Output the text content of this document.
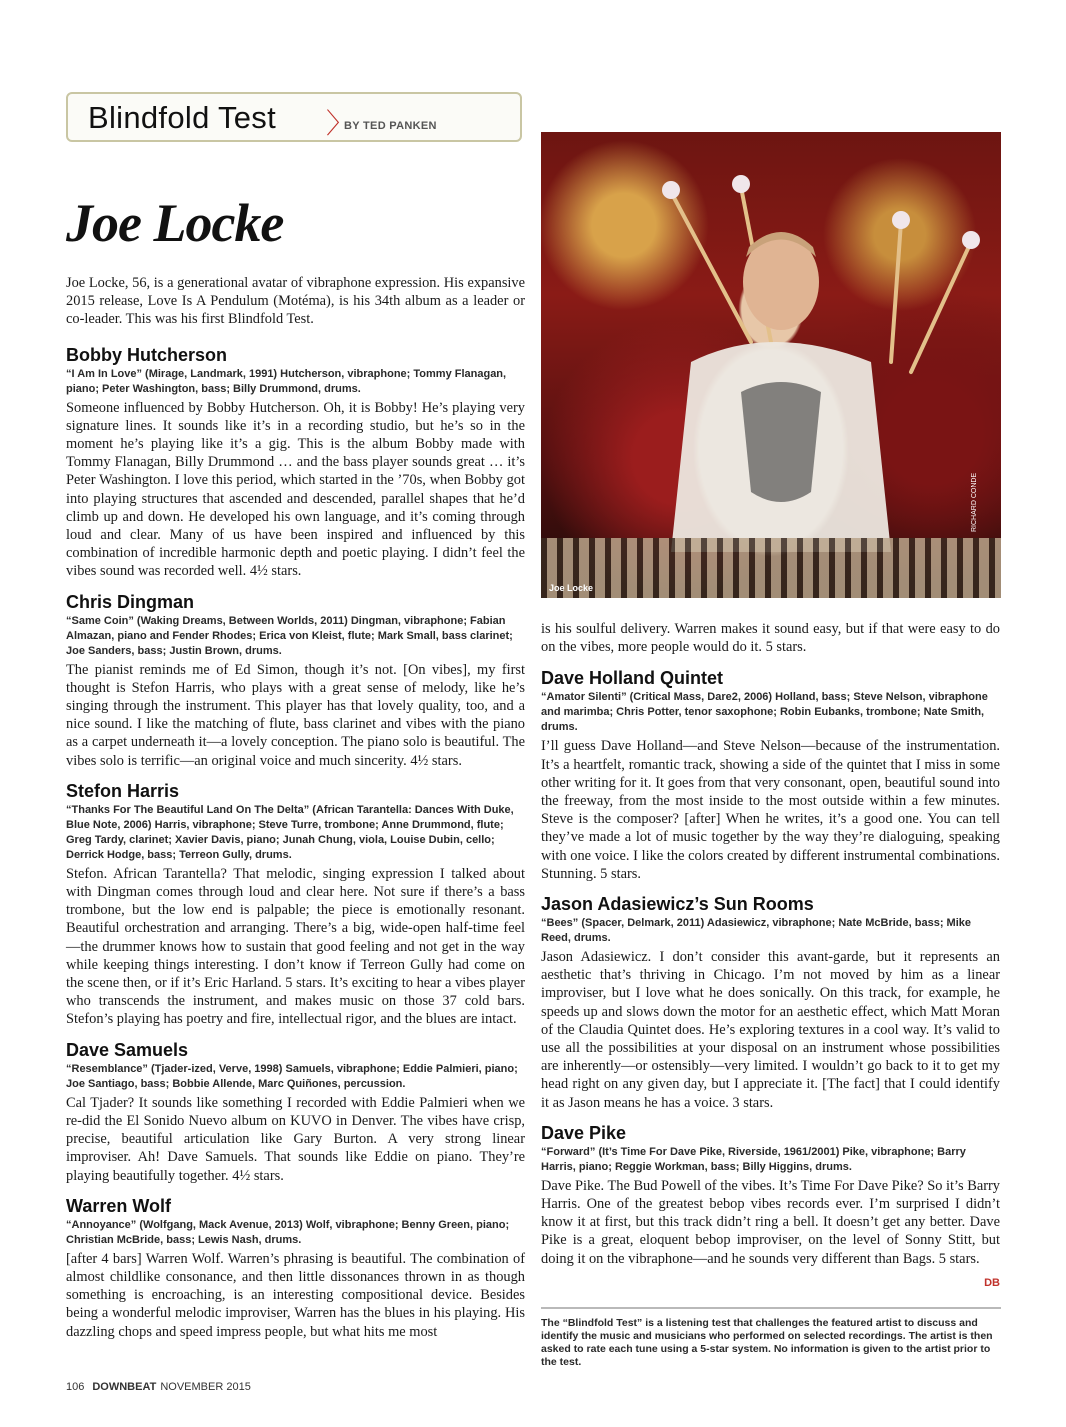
Blindfold Test 〉
BY TED PANKEN
Joe Locke

Joe Locke, 56, is a generational avatar of vibraphone expression. His expansive 2015 release, Love Is A Pendulum (Motéma), is his 34th album as a leader or co-leader. This was his first Blindfold Test.

Bobby Hutcherson

“I Am In Love” (Mirage, Landmark, 1991) Hutcherson, vibraphone; Tommy Flanagan, piano; Peter Washington, bass; Billy Drummond, drums.

Someone influenced by Bobby Hutcherson. Oh, it is Bobby! He’s playing very signature lines. It sounds like it’s in a recording studio, but he’s so in the moment he’s playing like it’s a gig. This is the album Bobby made with Tommy Flanagan, Billy Drummond … and the bass player sounds great … it’s Peter Washington. I love this period, which started in the ’70s, when Bobby got into playing structures that ascended and descended, parallel shapes that he’d climb up and down. He developed his own language, and it’s coming through loud and clear. Many of us have been inspired and influenced by this combination of incredible harmonic depth and poetic playing. I didn’t feel the vibes sound was recorded well. 4½ stars.

Chris Dingman

“Same Coin” (Waking Dreams, Between Worlds, 2011) Dingman, vibraphone; Fabian Almazan, piano and Fender Rhodes; Erica von Kleist, flute; Mark Small, bass clarinet; Joe Sanders, bass; Justin Brown, drums.

The pianist reminds me of Ed Simon, though it’s not. [On vibes], my first thought is Stefon Harris, who plays with a great sense of melody, like he’s singing through the instrument. This player has that lovely quality, too, and a nice sound. I like the matching of flute, bass clarinet and vibes with the piano as a carpet underneath it—a lovely conception. The piano solo is beautiful. The vibes solo is terrific—an original voice and much sincerity. 4½ stars.

Stefon Harris

“Thanks For The Beautiful Land On The Delta” (African Tarantella: Dances With Duke, Blue Note, 2006) Harris, vibraphone; Steve Turre, trombone; Anne Drummond, flute; Greg Tardy, clarinet; Xavier Davis, piano; Junah Chung, viola, Louise Dubin, cello; Derrick Hodge, bass; Terreon Gully, drums.

Stefon. African Tarantella? That melodic, singing expression I talked about with Dingman comes through loud and clear here. Not sure if there’s a bass trombone, but the low end is palpable; the piece is emotionally resonant. Beautiful orchestration and arranging. There’s a big, wide-open half-time feel—the drummer knows how to sustain that good feeling and not get in the way while keeping things interesting. I don’t know if Terreon Gully had come on the scene then, or if it’s Eric Harland. 5 stars. It’s exciting to hear a vibes player who transcends the instrument, and makes music on those 37 cold bars. Stefon’s playing has poetry and fire, intellectual rigor, and the blues are intact.

Dave Samuels

“Resemblance” (Tjader-ized, Verve, 1998) Samuels, vibraphone; Eddie Palmieri, piano; Joe Santiago, bass; Bobbie Allende, Marc Quiñones, percussion.

Cal Tjader? It sounds like something I recorded with Eddie Palmieri when we re-did the El Sonido Nuevo album on KUVO in Denver. The vibes have crisp, precise, beautiful articulation like Gary Burton. A very strong linear improviser. Ah! Dave Samuels. That sounds like Eddie on piano. They’re playing beautifully together. 4½ stars.

Warren Wolf

“Annoyance” (Wolfgang, Mack Avenue, 2013) Wolf, vibraphone; Benny Green, piano; Christian McBride, bass; Lewis Nash, drums.

[after 4 bars] Warren Wolf. Warren’s phrasing is beautiful. The combination of almost childlike consonance, and then little dissonances thrown in as though something is encroaching, is an interesting compositional device. Besides being a wonderful melodic improviser, Warren has the blues in his playing. His dazzling chops and speed impress people, but what hits me most

Joe Locke
RICHARD CONDE

is his soulful delivery. Warren makes it sound easy, but if that were easy to do on the vibes, more people would do it. 5 stars.

Dave Holland Quintet

“Amator Silenti” (Critical Mass, Dare2, 2006) Holland, bass; Steve Nelson, vibraphone and marimba; Chris Potter, tenor saxophone; Robin Eubanks, trombone; Nate Smith, drums.

I’ll guess Dave Holland—and Steve Nelson—because of the instrumentation. It’s a heartfelt, romantic track, showing a side of the quintet that I miss in some other writing for it. It goes from that very consonant, open, beautiful sound into the freeway, from the most inside to the most outside within a few minutes. Steve is the composer? [after] When he writes, it’s a good one. You can tell they’ve made a lot of music together by the way they’re dialoguing, speaking with one voice. I like the colors created by different instrumental combinations. Stunning. 5 stars.

Jason Adasiewicz’s Sun Rooms

“Bees” (Spacer, Delmark, 2011) Adasiewicz, vibraphone; Nate McBride, bass; Mike Reed, drums.

Jason Adasiewicz. I don’t consider this avant-garde, but it represents an aesthetic that’s thriving in Chicago. I’m not moved by him as a linear improviser, but I love what he does sonically. On this track, for example, he speeds up and slows down the motor for an aesthetic effect, which Matt Moran of the Claudia Quintet does. He’s exploring textures in a cool way. It’s valid to use all the possibilities at your disposal on an instrument whose possibilities are inherently—or ostensibly—very limited. I wouldn’t go back to it to get my head right on any given day, but I appreciate it. [The fact] that I could identify it as Jason means he has a voice. 3 stars.

Dave Pike

“Forward” (It’s Time For Dave Pike, Riverside, 1961/2001) Pike, vibraphone; Barry Harris, piano; Reggie Workman, bass; Billy Higgins, drums.

Dave Pike. The Bud Powell of the vibes. It’s Time For Dave Pike? So it’s Barry Harris. One of the greatest bebop vibes records ever. I’m surprised I didn’t know it at first, but this track didn’t ring a bell. It doesn’t get any better. Dave Pike is a great, eloquent bebop improviser, on the level of Sonny Stitt, but doing it on the vibraphone—and he sounds very different than Bags. 5 stars.

DB
The “Blindfold Test” is a listening test that challenges the featured artist to discuss and identify the music and musicians who performed on selected recordings. The artist is then asked to rate each tune using a 5-star system. No information is given to the artist prior to the test.
106 DOWNBEAT NOVEMBER 2015
